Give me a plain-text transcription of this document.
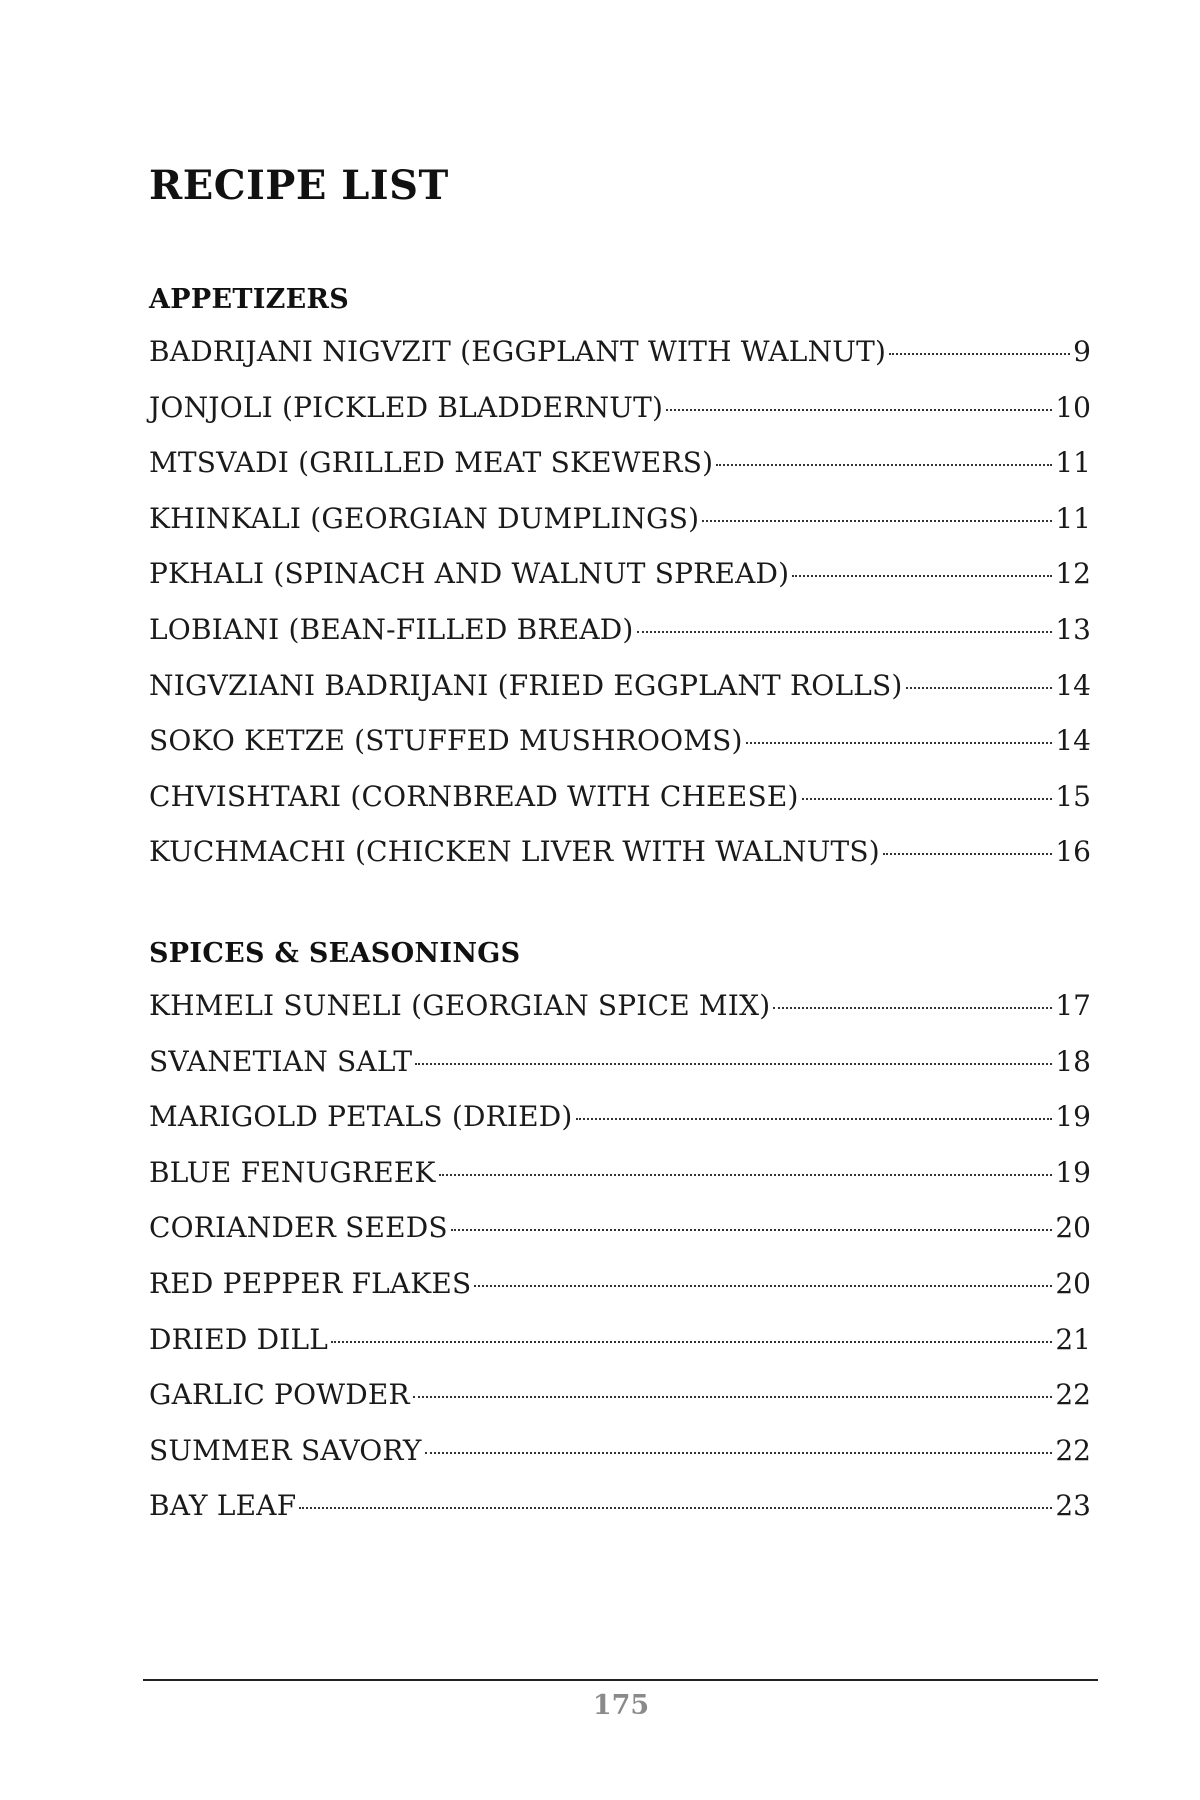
RECIPE LIST
APPETIZERS
BADRIJANI NIGVZIT (EGGPLANT WITH WALNUT)	9
JONJOLI (PICKLED BLADDERNUT)	10
MTSVADI (GRILLED MEAT SKEWERS)	11
KHINKALI (GEORGIAN DUMPLINGS)	11
PKHALI (SPINACH AND WALNUT SPREAD)	12
LOBIANI (BEAN-FILLED BREAD)	13
NIGVZIANI BADRIJANI (FRIED EGGPLANT ROLLS)	14
SOKO KETZE (STUFFED MUSHROOMS)	14
CHVISHTARI (CORNBREAD WITH CHEESE)	15
KUCHMACHI (CHICKEN LIVER WITH WALNUTS)	16
SPICES & SEASONINGS
KHMELI SUNELI (GEORGIAN SPICE MIX)	17
SVANETIAN SALT	18
MARIGOLD PETALS (DRIED)	19
BLUE FENUGREEK	19
CORIANDER SEEDS	20
RED PEPPER FLAKES	20
DRIED DILL	21
GARLIC POWDER	22
SUMMER SAVORY	22
BAY LEAF	23
175
